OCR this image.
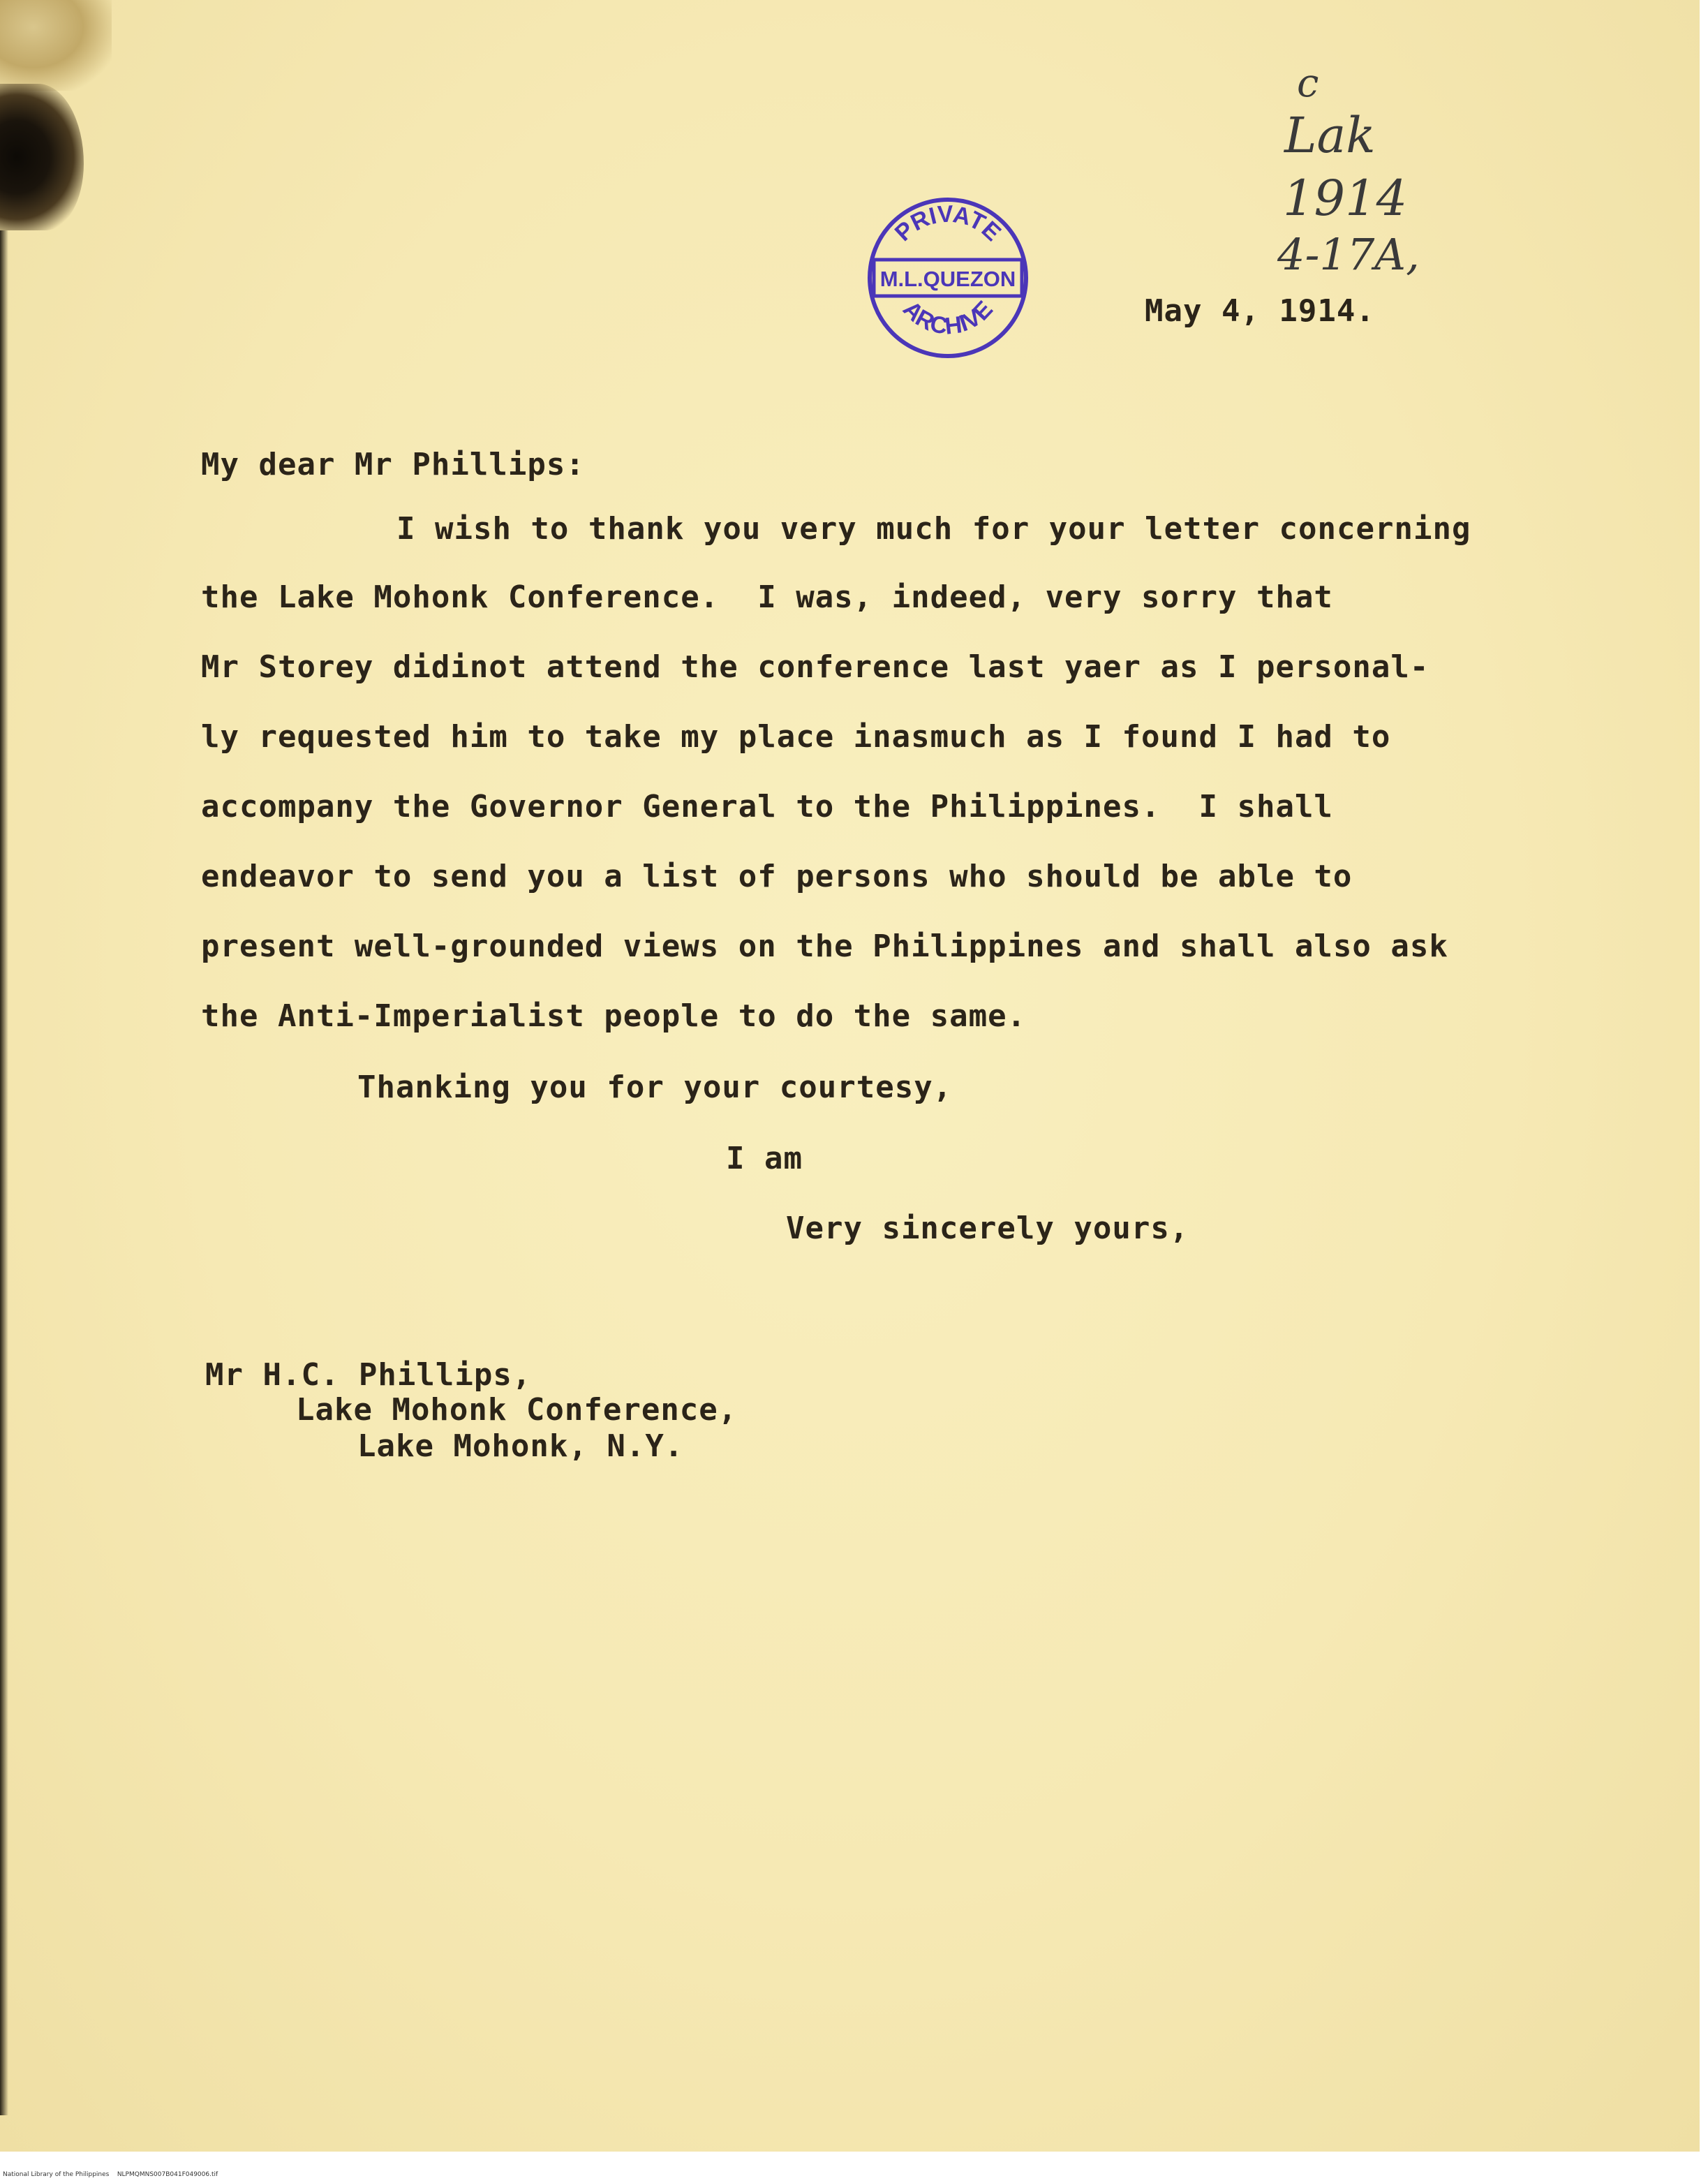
c
Lak
1914
4-17A,
PRIVATE
M.L.QUEZON
ARCHIVE	May 4, 1914.
My dear Mr Phillips:
I wish to thank you very much for your letter concerning
the Lake Mohonk Conference.  I was, indeed, very sorry that
Mr Storey didinot attend the conference last yaer as I personal-
ly requested him to take my place inasmuch as I found I had to
accompany the Governor General to the Philippines.  I shall
endeavor to send you a list of persons who should be able to
present well-grounded views on the Philippines and shall also ask
the Anti-Imperialist people to do the same.
Thanking you for your courtesy,
I am
Very sincerely yours,
Mr H.C. Phillips,
Lake Mohonk Conference,
Lake Mohonk, N.Y.
National Library of the Philippines NLPMQMNS007B041F049006.tif
